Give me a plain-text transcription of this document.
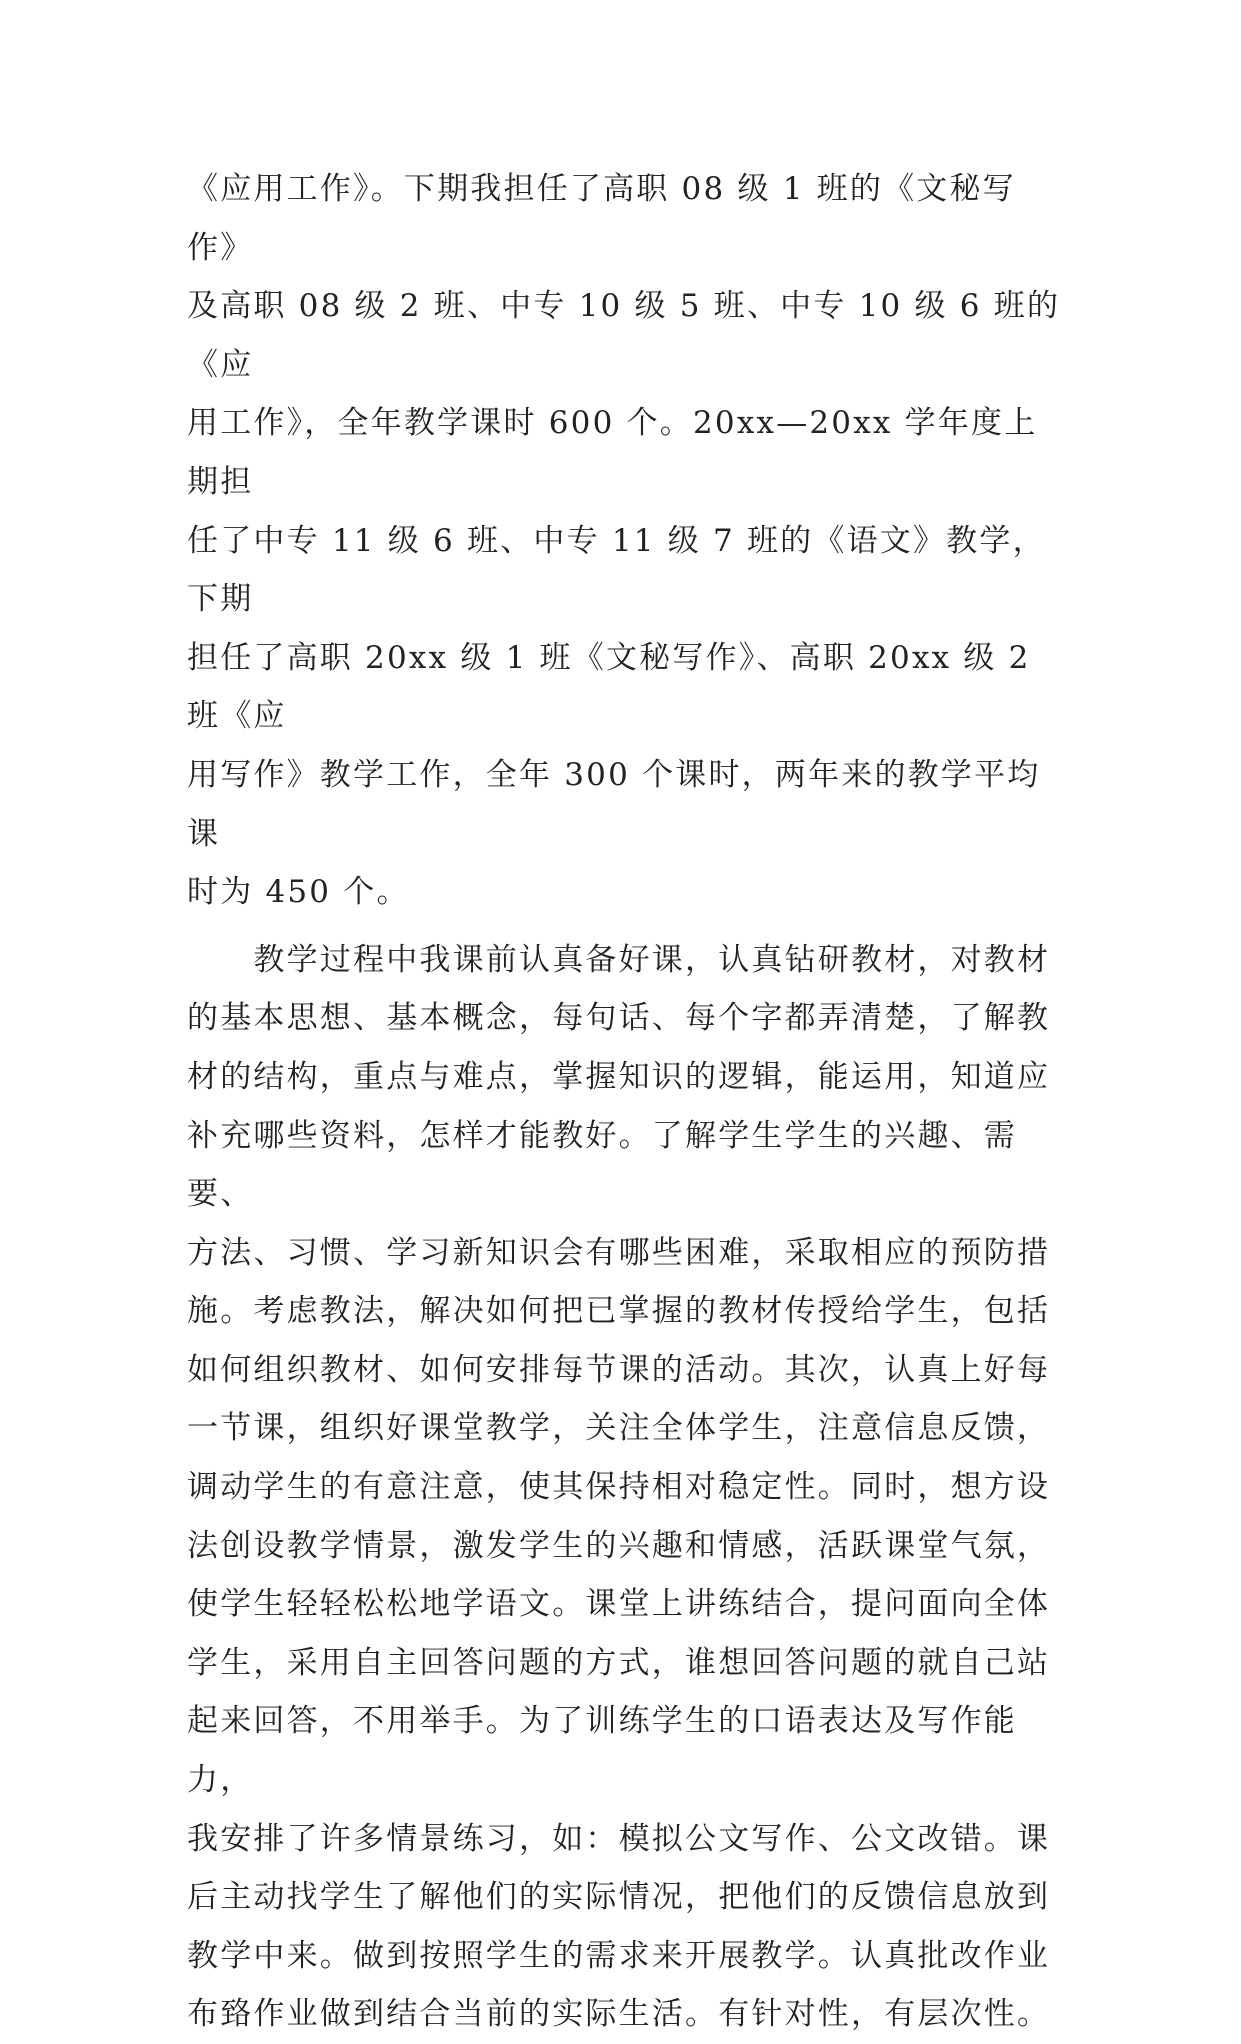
《应用工作》。下期我担任了高职 08 级 1 班的《文秘写作》
及高职 08 级 2 班、中专 10 级 5 班、中专 10 级 6 班的《应
用工作》，全年教学课时 600 个。20xx—20xx 学年度上期担
任了中专 11 级 6 班、中专 11 级 7 班的《语文》教学，下期
担任了高职 20xx 级 1 班《文秘写作》、高职 20xx 级 2 班《应
用写作》教学工作，全年 300 个课时，两年来的教学平均课
时为 450 个。

　　教学过程中我课前认真备好课，认真钻研教材，对教材
的基本思想、基本概念，每句话、每个字都弄清楚，了解教
材的结构，重点与难点，掌握知识的逻辑，能运用，知道应
补充哪些资料，怎样才能教好。了解学生学生的兴趣、需要、
方法、习惯、学习新知识会有哪些困难，采取相应的预防措
施。考虑教法，解决如何把已掌握的教材传授给学生，包括
如何组织教材、如何安排每节课的活动。其次，认真上好每
一节课，组织好课堂教学，关注全体学生，注意信息反馈，
调动学生的有意注意，使其保持相对稳定性。同时，想方设
法创设教学情景，激发学生的兴趣和情感，活跃课堂气氛，
使学生轻轻松松地学语文。课堂上讲练结合，提问面向全体
学生，采用自主回答问题的方式，谁想回答问题的就自己站
起来回答，不用举手。为了训练学生的口语表达及写作能力，
我安排了许多情景练习，如：模拟公文写作、公文改错。课
后主动找学生了解他们的实际情况，把他们的反馈信息放到
教学中来。做到按照学生的需求来开展教学。认真批改作业
布臵作业做到结合当前的实际生活。有针对性，有层次性。
